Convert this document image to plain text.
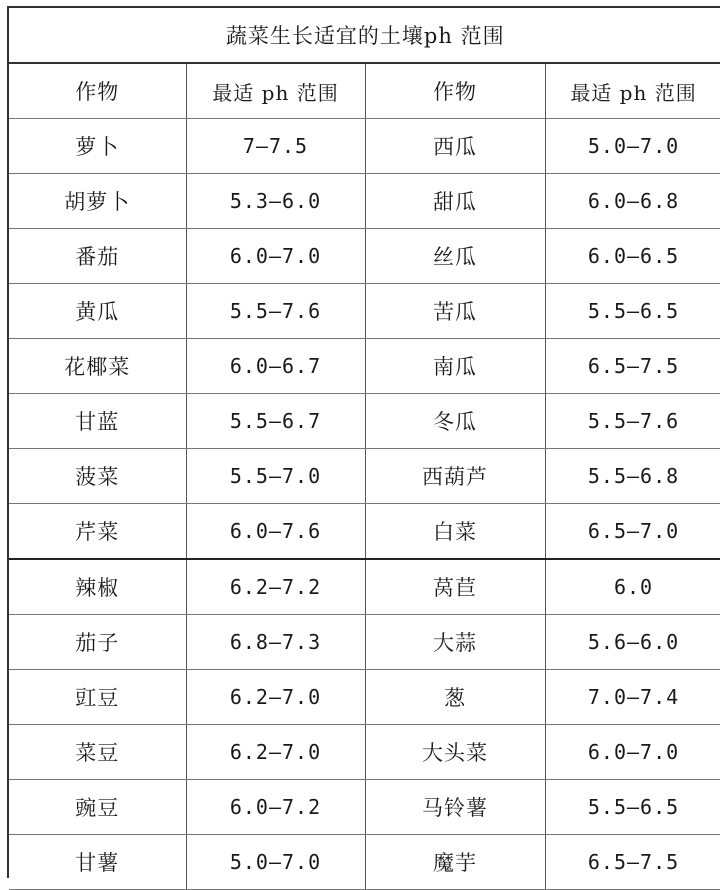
蔬菜生长适宜的土壤ph 范围			
作物	最适 ph 范围	作物	最适 ph 范围
萝卜	7—7.5	西瓜	5.0—7.0
胡萝卜	5.3—6.0	甜瓜	6.0—6.8
番茄	6.0—7.0	丝瓜	6.0—6.5
黄瓜	5.5—7.6	苦瓜	5.5—6.5
花椰菜	6.0—6.7	南瓜	6.5—7.5
甘蓝	5.5—6.7	冬瓜	5.5—7.6
菠菜	5.5—7.0	西葫芦	5.5—6.8
芹菜	6.0—7.6	白菜	6.5—7.0
辣椒	6.2—7.2	莴苣	6.0
茄子	6.8—7.3	大蒜	5.6—6.0
豇豆	6.2—7.0	葱	7.0—7.4
菜豆	6.2—7.0	大头菜	6.0—7.0
豌豆	6.0—7.2	马铃薯	5.5—6.5
甘薯	5.0—7.0	魔芋	6.5—7.5
